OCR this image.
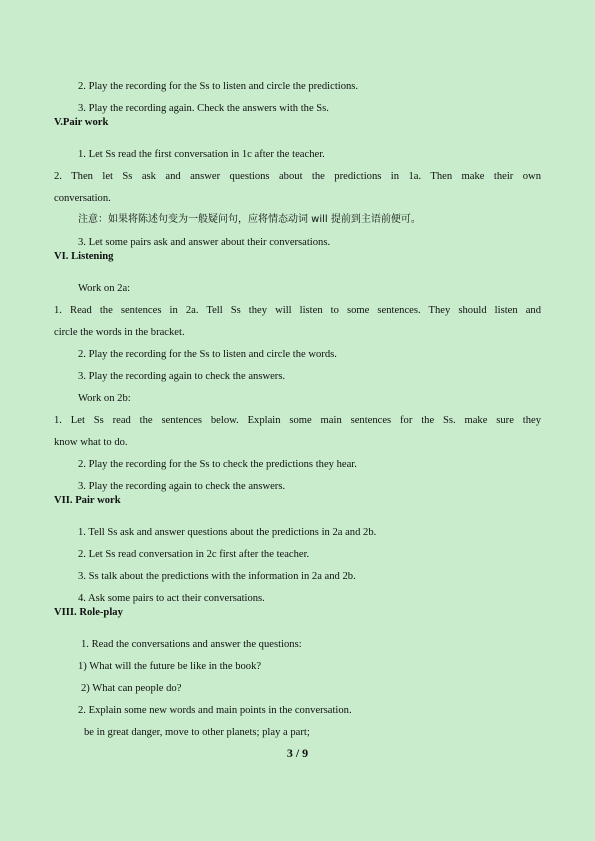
2. Play the recording for the Ss to listen and circle the predictions.
3. Play the recording again. Check the answers with the Ss.
V.Pair work
1. Let Ss read the first conversation in 1c after the teacher.
2. Then let Ss ask and answer questions about the predictions in 1a. Then make their own
conversation.
注意：如果将陈述句变为一般疑问句，应将情态动词 will 提前到主语前便可。
3. Let some pairs ask and answer about their conversations.
VI. Listening
Work on 2a:
1. Read the sentences in 2a. Tell Ss they will listen to some sentences. They should listen and
circle the words in the bracket.
2. Play the recording for the Ss to listen and circle the words.
3. Play the recording again to check the answers.
Work on 2b:
1. Let Ss read the sentences below. Explain some main sentences for the Ss. make sure they
know what to do.
2. Play the recording for the Ss to check the predictions they hear.
3. Play the recording again to check the answers.
VII. Pair work
1. Tell Ss ask and answer questions about the predictions in 2a and 2b.
2. Let Ss read conversation in 2c first after the teacher.
3. Ss talk about the predictions with the information in 2a and 2b.
4. Ask some pairs to act their conversations.
VIII. Role-play
1. Read the conversations and answer the questions:
1) What will the future be like in the book?
2) What can people do?
2. Explain some new words and main points in the conversation.
be in great danger, move to other planets; play a part;
3 / 9
